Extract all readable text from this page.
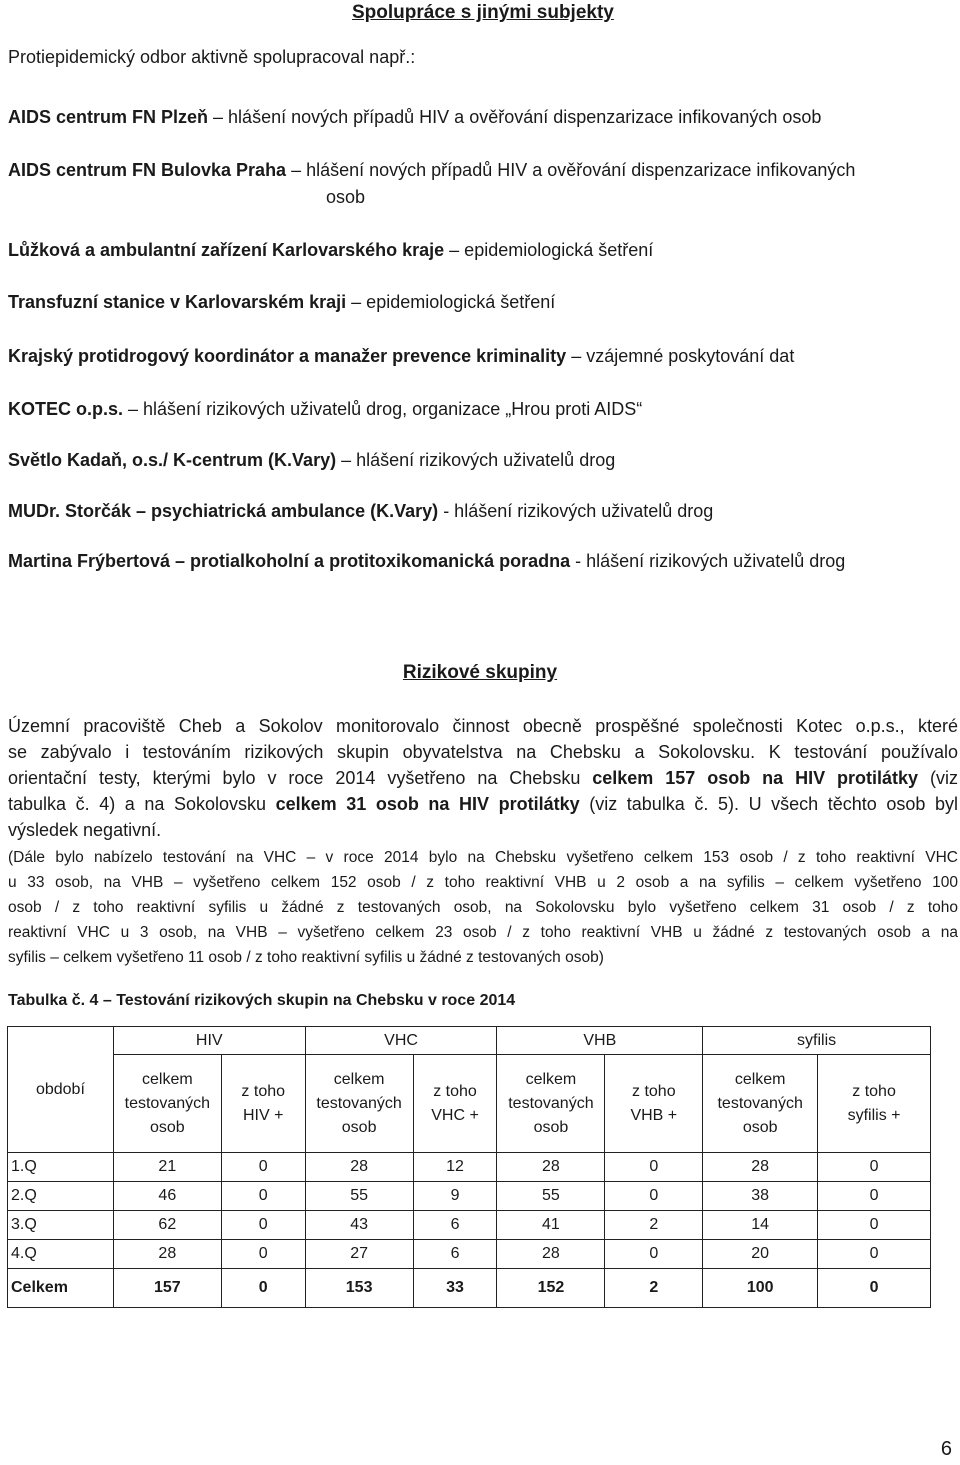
Spolupráce s jinými subjekty
Protiepidemický odbor aktivně spolupracoval např.:
AIDS centrum FN Plzeň – hlášení nových případů HIV a ověřování dispenzarizace infikovaných osob
AIDS centrum FN Bulovka Praha – hlášení nových případů HIV a ověřování dispenzarizace infikovaných
osob
Lůžková a ambulantní zařízení Karlovarského kraje – epidemiologická šetření
Transfuzní stanice v Karlovarském kraji – epidemiologická šetření
Krajský protidrogový koordinátor a manažer prevence kriminality – vzájemné poskytování dat
KOTEC o.p.s. – hlášení rizikových uživatelů drog, organizace „Hrou proti AIDS“
Světlo Kadaň, o.s./ K-centrum (K.Vary) – hlášení rizikových uživatelů drog
MUDr. Storčák – psychiatrická ambulance (K.Vary) - hlášení rizikových uživatelů drog
Martina Frýbertová – protialkoholní a protitoxikomanická poradna - hlášení rizikových uživatelů drog
Rizikové skupiny
Územní pracoviště Cheb a Sokolov monitorovalo činnost obecně prospěšné společnosti Kotec o.p.s., které
se zabývalo i testováním rizikových skupin obyvatelstva na Chebsku a Sokolovsku. K testování používalo
orientační testy, kterými bylo v roce 2014 vyšetřeno na Chebsku celkem 157 osob na HIV protilátky (viz
tabulka č. 4) a na Sokolovsku celkem 31 osob na HIV protilátky (viz tabulka č. 5). U všech těchto osob byl
výsledek negativní.
(Dále bylo nabízelo testování na VHC – v roce 2014 bylo na Chebsku vyšetřeno celkem 153 osob / z toho reaktivní VHC
u 33 osob, na VHB – vyšetřeno celkem 152 osob / z toho reaktivní VHB u 2 osob a na syfilis – celkem vyšetřeno 100
osob / z toho reaktivní syfilis u žádné z testovaných osob, na Sokolovsku bylo vyšetřeno celkem 31 osob / z toho
reaktivní VHC u 3 osob, na VHB – vyšetřeno celkem 23 osob / z toho reaktivní VHB u žádné z testovaných osob a na
syfilis – celkem vyšetřeno 11 osob / z toho reaktivní syfilis u žádné z testovaných osob)
Tabulka č. 4 – Testování rizikových skupin na Chebsku v roce 2014
období	HIV		VHC		VHB		syfilis	
	celkem
testovaných
osob	z toho
HIV +	celkem
testovaných
osob	z toho
VHC +	celkem
testovaných
osob	z toho
VHB +	celkem
testovaných
osob	z toho
syfilis +
1.Q	21	0	28	12	28	0	28	0
2.Q	46	0	55	9	55	0	38	0
3.Q	62	0	43	6	41	2	14	0
4.Q	28	0	27	6	28	0	20	0
Celkem	157	0	153	33	152	2	100	0
6
